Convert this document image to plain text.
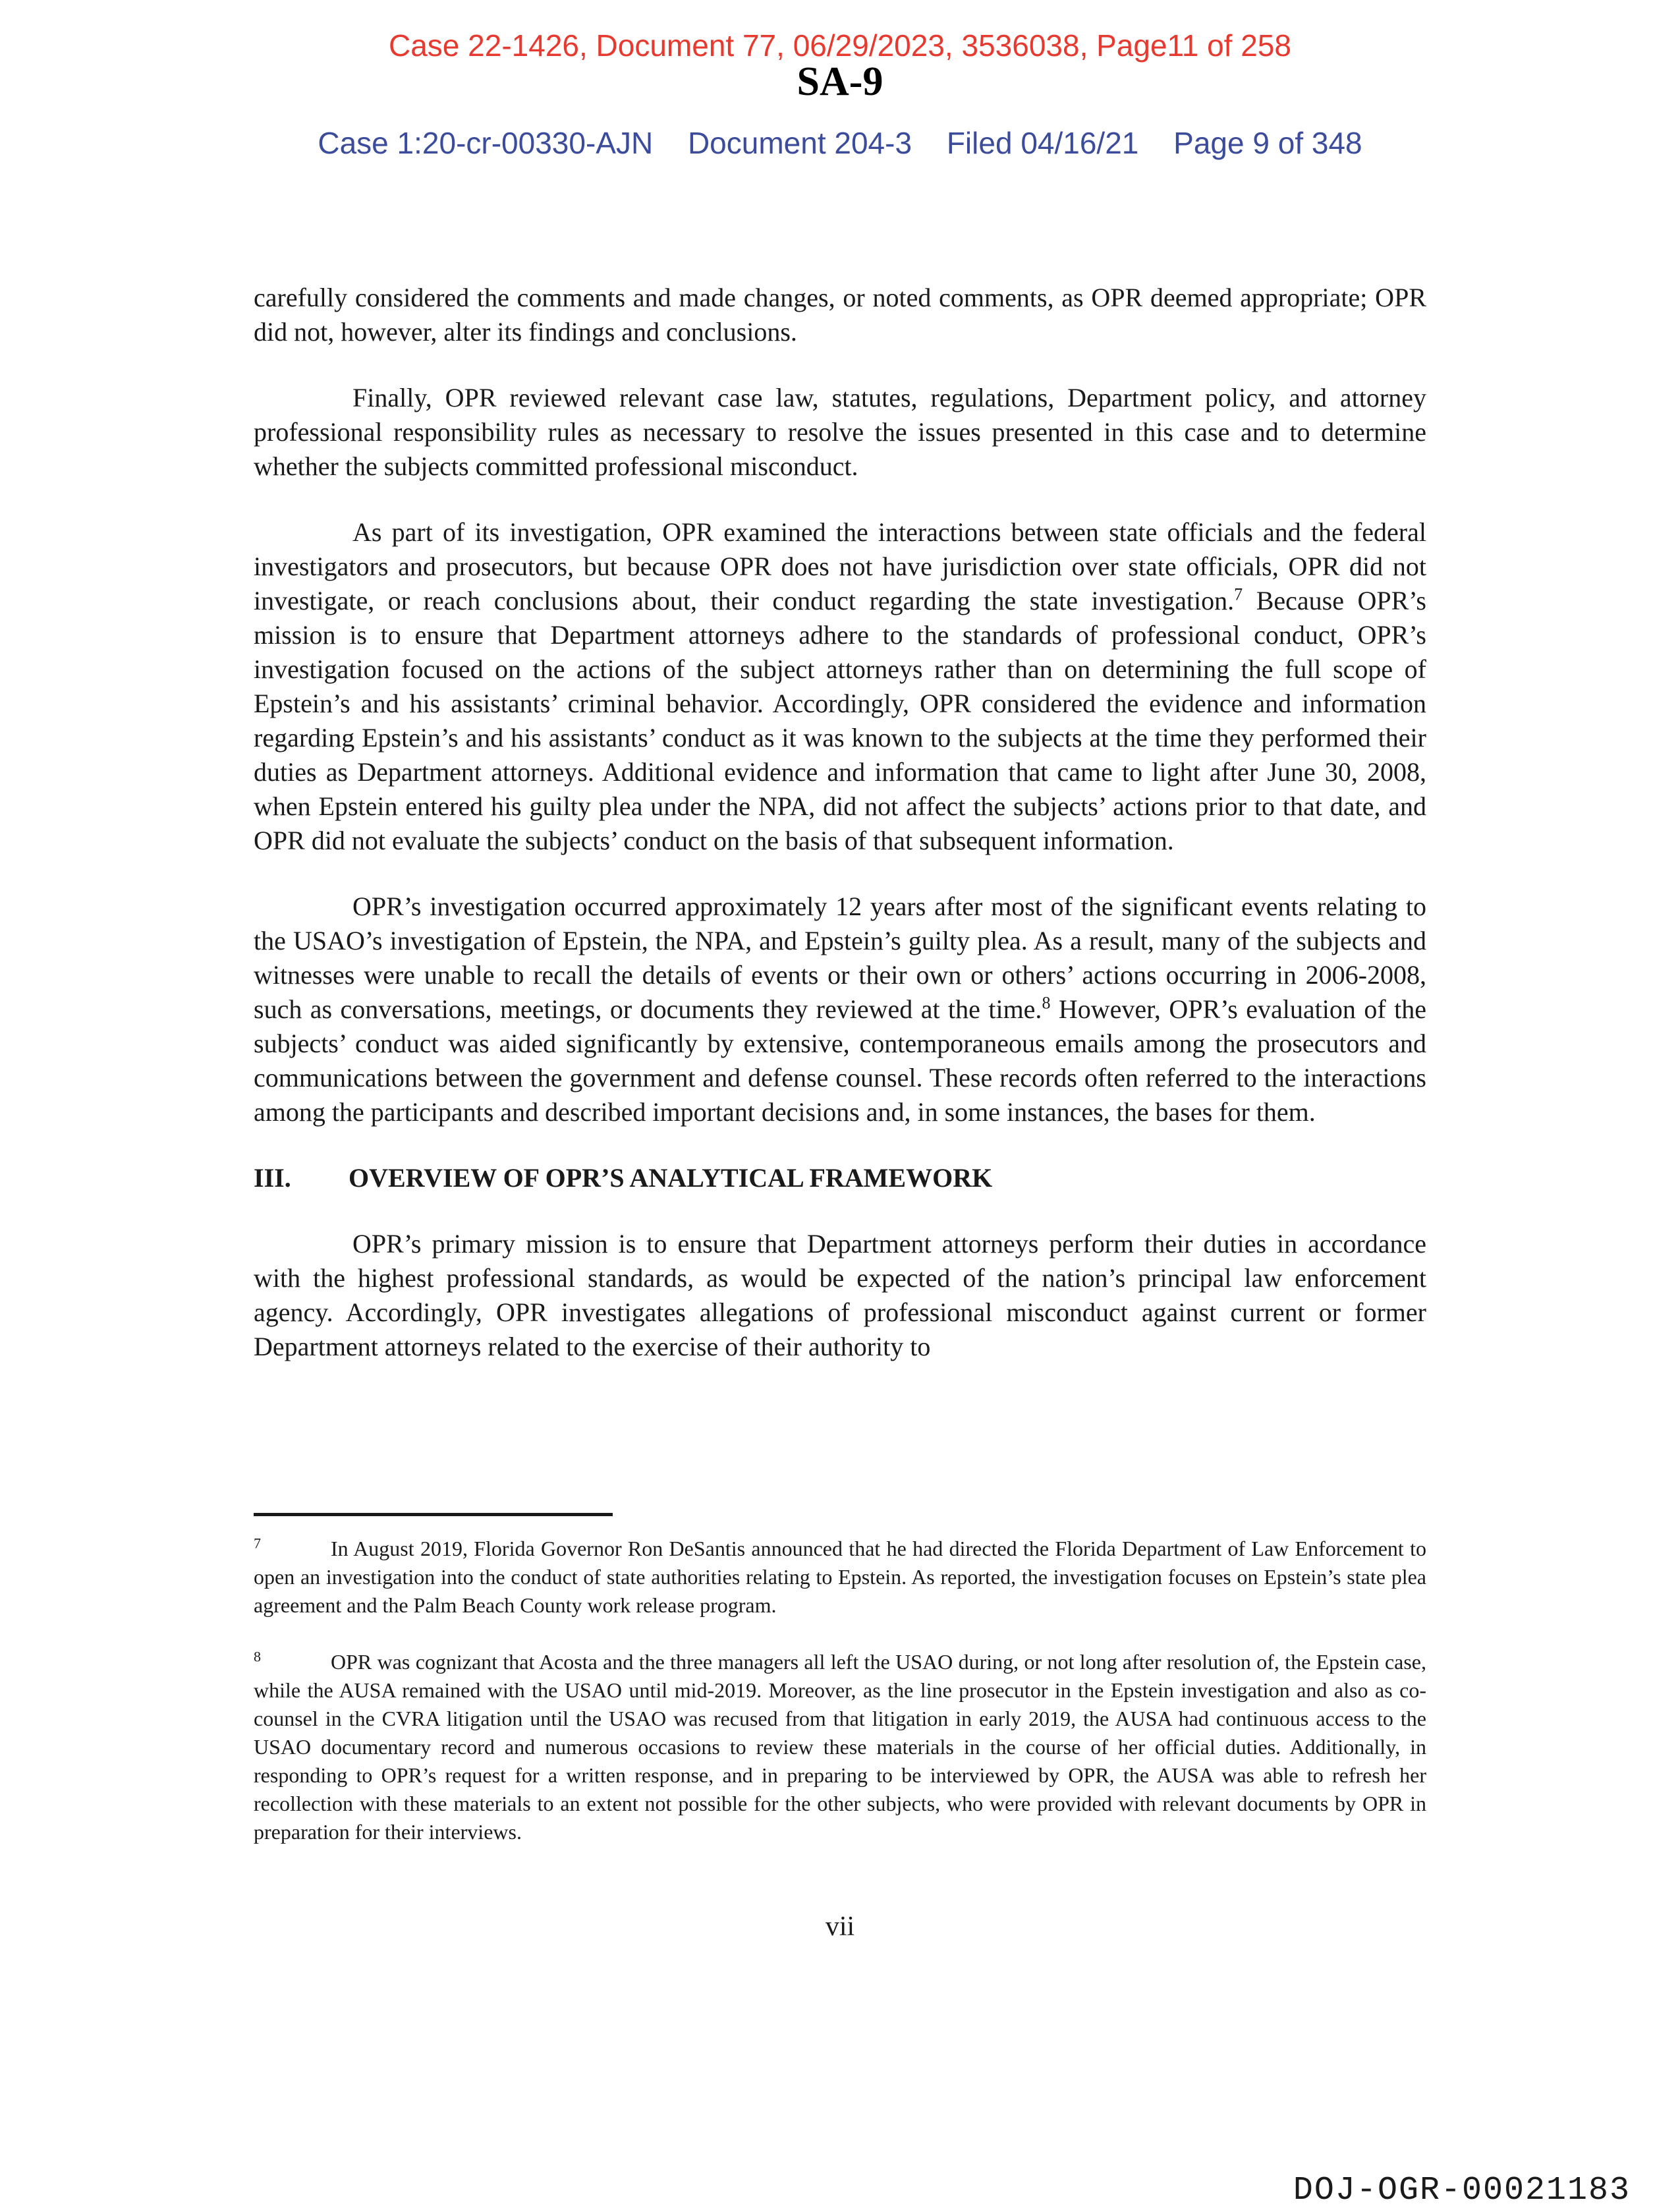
Case 22-1426, Document 77, 06/29/2023, 3536038, Page11 of 258
SA-9
Case 1:20-cr-00330-AJN Document 204-3 Filed 04/16/21 Page 9 of 348

carefully considered the comments and made changes, or noted comments, as OPR deemed appropriate; OPR did not, however, alter its findings and conclusions.

Finally, OPR reviewed relevant case law, statutes, regulations, Department policy, and attorney professional responsibility rules as necessary to resolve the issues presented in this case and to determine whether the subjects committed professional misconduct.

As part of its investigation, OPR examined the interactions between state officials and the federal investigators and prosecutors, but because OPR does not have jurisdiction over state officials, OPR did not investigate, or reach conclusions about, their conduct regarding the state investigation.$^7$ Because OPR’s mission is to ensure that Department attorneys adhere to the standards of professional conduct, OPR’s investigation focused on the actions of the subject attorneys rather than on determining the full scope of Epstein’s and his assistants’ criminal behavior. Accordingly, OPR considered the evidence and information regarding Epstein’s and his assistants’ conduct as it was known to the subjects at the time they performed their duties as Department attorneys. Additional evidence and information that came to light after June 30, 2008, when Epstein entered his guilty plea under the NPA, did not affect the subjects’ actions prior to that date, and OPR did not evaluate the subjects’ conduct on the basis of that subsequent information.

OPR’s investigation occurred approximately 12 years after most of the significant events relating to the USAO’s investigation of Epstein, the NPA, and Epstein’s guilty plea. As a result, many of the subjects and witnesses were unable to recall the details of events or their own or others’ actions occurring in 2006-2008, such as conversations, meetings, or documents they reviewed at the time.$^8$ However, OPR’s evaluation of the subjects’ conduct was aided significantly by extensive, contemporaneous emails among the prosecutors and communications between the government and defense counsel. These records often referred to the interactions among the participants and described important decisions and, in some instances, the bases for them.

III. OVERVIEW OF OPR’S ANALYTICAL FRAMEWORK

OPR’s primary mission is to ensure that Department attorneys perform their duties in accordance with the highest professional standards, as would be expected of the nation’s principal law enforcement agency. Accordingly, OPR investigates allegations of professional misconduct against current or former Department attorneys related to the exercise of their authority to

$^7$	In August 2019, Florida Governor Ron DeSantis announced that he had directed the Florida Department of Law Enforcement to open an investigation into the conduct of state authorities relating to Epstein. As reported, the investigation focuses on Epstein’s state plea agreement and the Palm Beach County work release program.

$^8$	OPR was cognizant that Acosta and the three managers all left the USAO during, or not long after resolution of, the Epstein case, while the AUSA remained with the USAO until mid-2019. Moreover, as the line prosecutor in the Epstein investigation and also as co-counsel in the CVRA litigation until the USAO was recused from that litigation in early 2019, the AUSA had continuous access to the USAO documentary record and numerous occasions to review these materials in the course of her official duties. Additionally, in responding to OPR’s request for a written response, and in preparing to be interviewed by OPR, the AUSA was able to refresh her recollection with these materials to an extent not possible for the other subjects, who were provided with relevant documents by OPR in preparation for their interviews.

vii
DOJ-OGR-00021183
